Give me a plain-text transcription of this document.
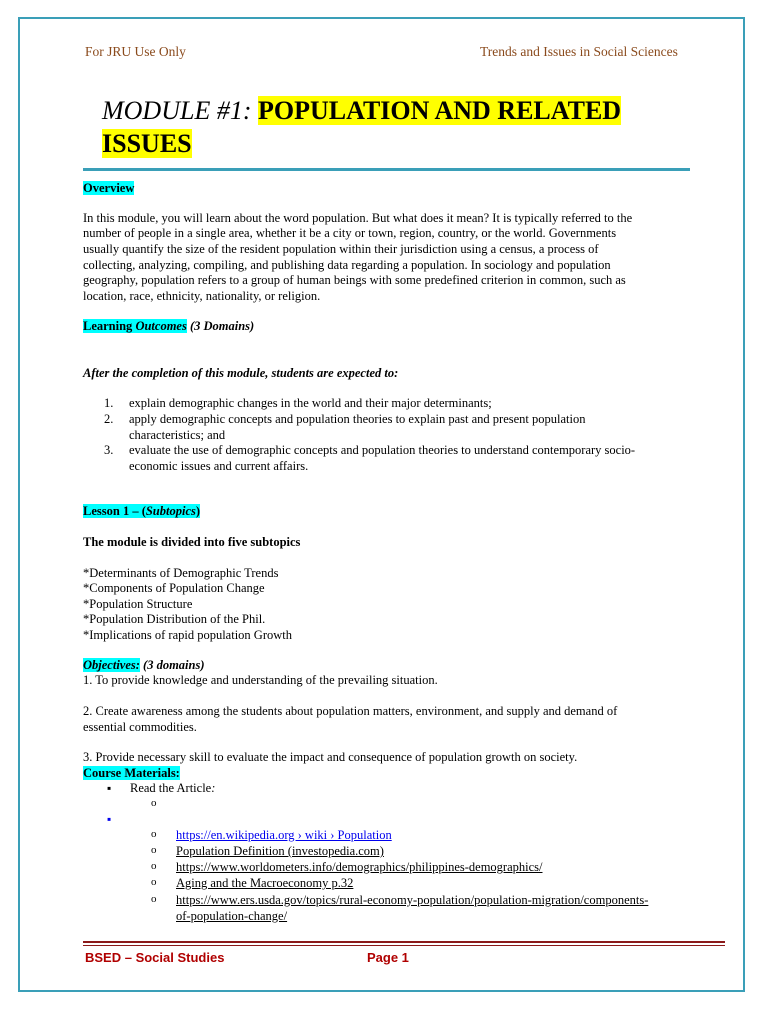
For JRU Use Only	Trends and Issues in Social Sciences
MODULE #1: POPULATION AND RELATED
ISSUES
Overview
In this module, you will learn about the word population. But what does it mean? It is typically referred to the
number of people in a single area, whether it be a city or town, region, country, or the world. Governments
usually quantify the size of the resident population within their jurisdiction using a census, a process of
collecting, analyzing, compiling, and publishing data regarding a population. In sociology and population
geography, population refers to a group of human beings with some predefined criterion in common, such as
location, race, ethnicity, nationality, or religion.
Learning Outcomes (3 Domains)
After the completion of this module, students are expected to:
1. explain demographic changes in the world and their major determinants;
2. apply demographic concepts and population theories to explain past and present population
characteristics; and
3. evaluate the use of demographic concepts and population theories to understand contemporary socio-
economic issues and current affairs.
Lesson 1 – (Subtopics)
The module is divided into five subtopics
*Determinants of Demographic Trends
*Components of Population Change
*Population Structure
*Population Distribution of the Phil.
*Implications of rapid population Growth
Objectives: (3 domains)
1. To provide knowledge and understanding of the prevailing situation.
2. Create awareness among the students about population matters, environment, and supply and demand of
essential commodities.
3. Provide necessary skill to evaluate the impact and consequence of population growth on society.
Course Materials:
▪ Read the Article:
o
▪
o https://en.wikipedia.org › wiki › Population
o Population Definition (investopedia.com)
o https://www.worldometers.info/demographics/philippines-demographics/
o Aging and the Macroeconomy p.32
o https://www.ers.usda.gov/topics/rural-economy-population/population-migration/components-
of-population-change/
BSED – Social Studies	Page 1
